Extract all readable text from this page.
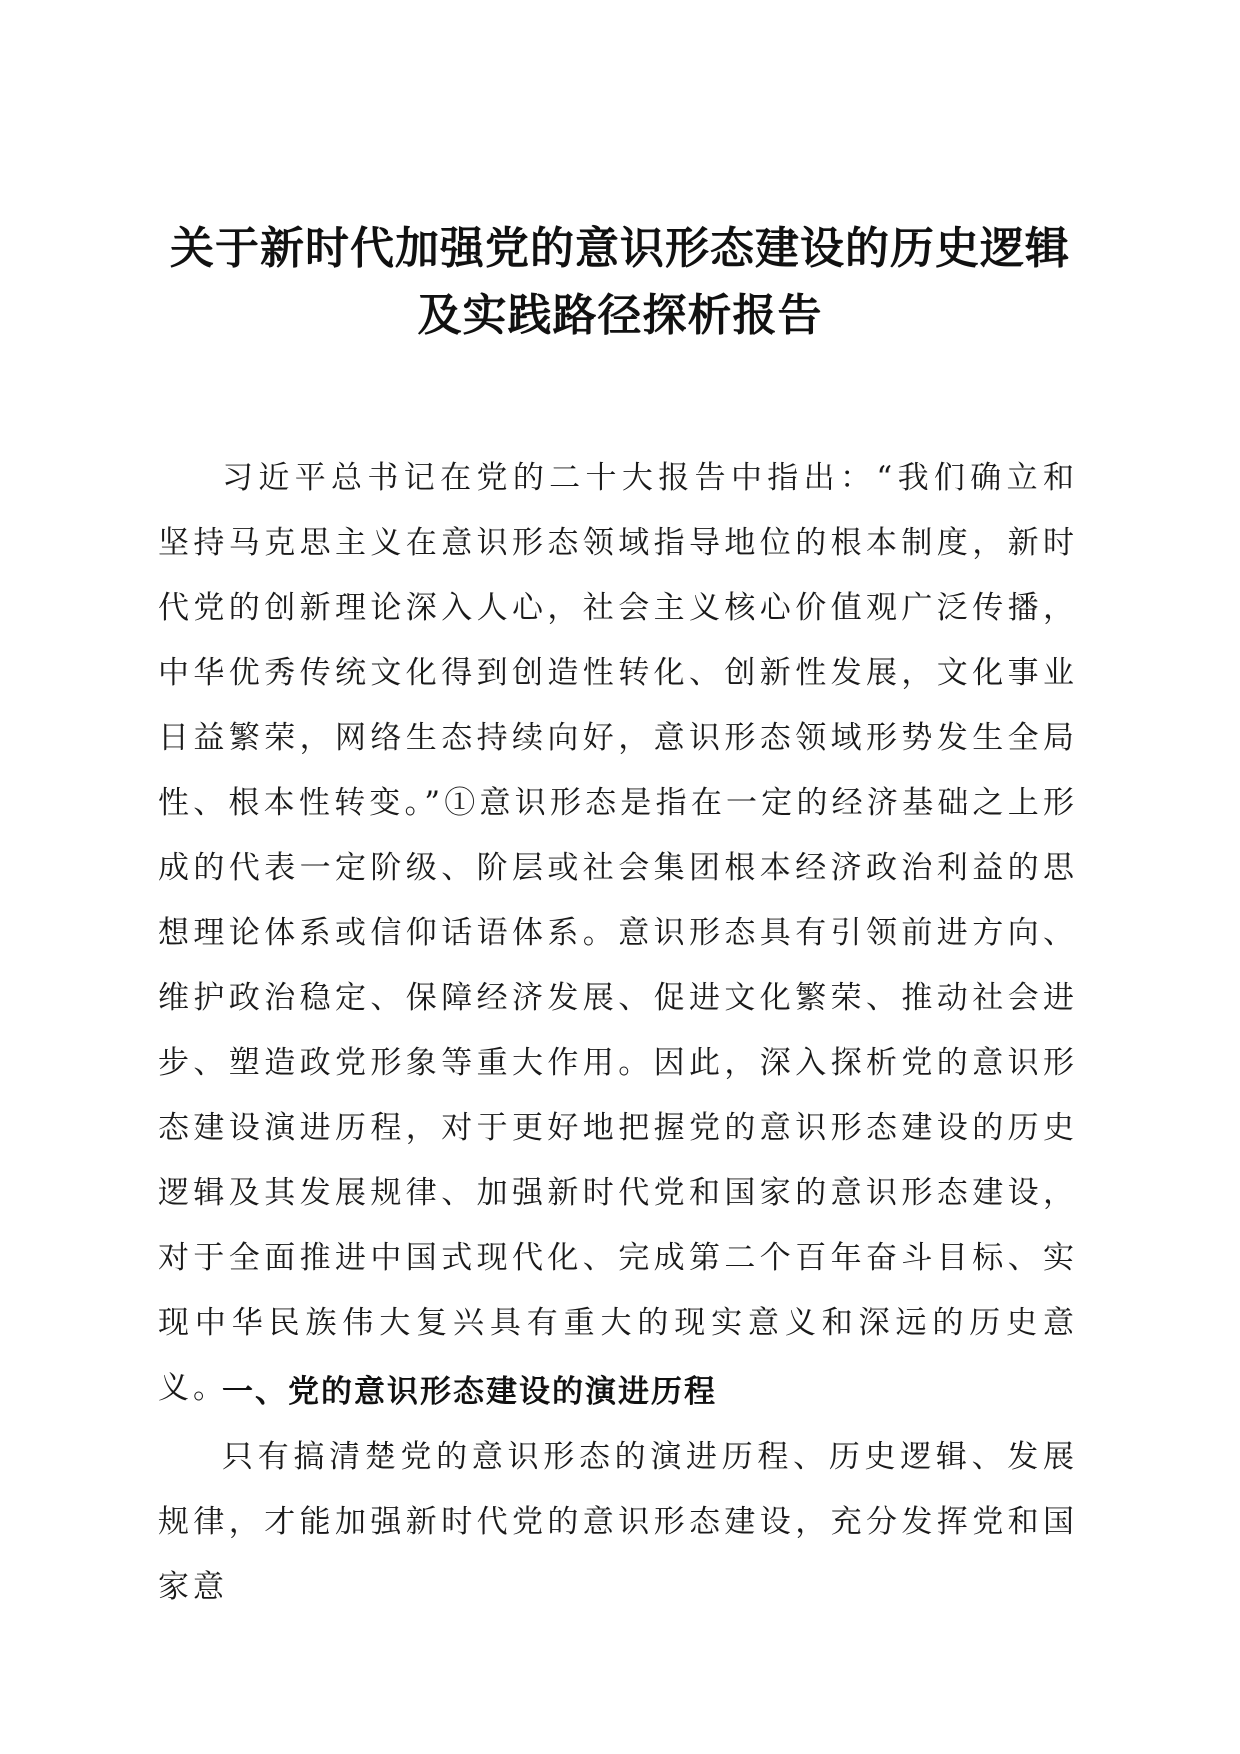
关于新时代加强党的意识形态建设的历史逻辑
及实践路径探析报告
习近平总书记在党的二十大报告中指出：“我们确立和坚持马克思主义在意识形态领域指导地位的根本制度，新时代党的创新理论深入人心，社会主义核心价值观广泛传播，中华优秀传统文化得到创造性转化、创新性发展，文化事业日益繁荣，网络生态持续向好，意识形态领域形势发生全局性、根本性转变。”①意识形态是指在一定的经济基础之上形成的代表一定阶级、阶层或社会集团根本经济政治利益的思想理论体系或信仰话语体系。意识形态具有引领前进方向、维护政治稳定、保障经济发展、促进文化繁荣、推动社会进步、塑造政党形象等重大作用。因此，深入探析党的意识形态建设演进历程，对于更好地把握党的意识形态建设的历史逻辑及其发展规律、加强新时代党和国家的意识形态建设，对于全面推进中国式现代化、完成第二个百年奋斗目标、实现中华民族伟大复兴具有重大的现实意义和深远的历史意义。
一、党的意识形态建设的演进历程
只有搞清楚党的意识形态的演进历程、历史逻辑、发展规律，才能加强新时代党的意识形态建设，充分发挥党和国家意
